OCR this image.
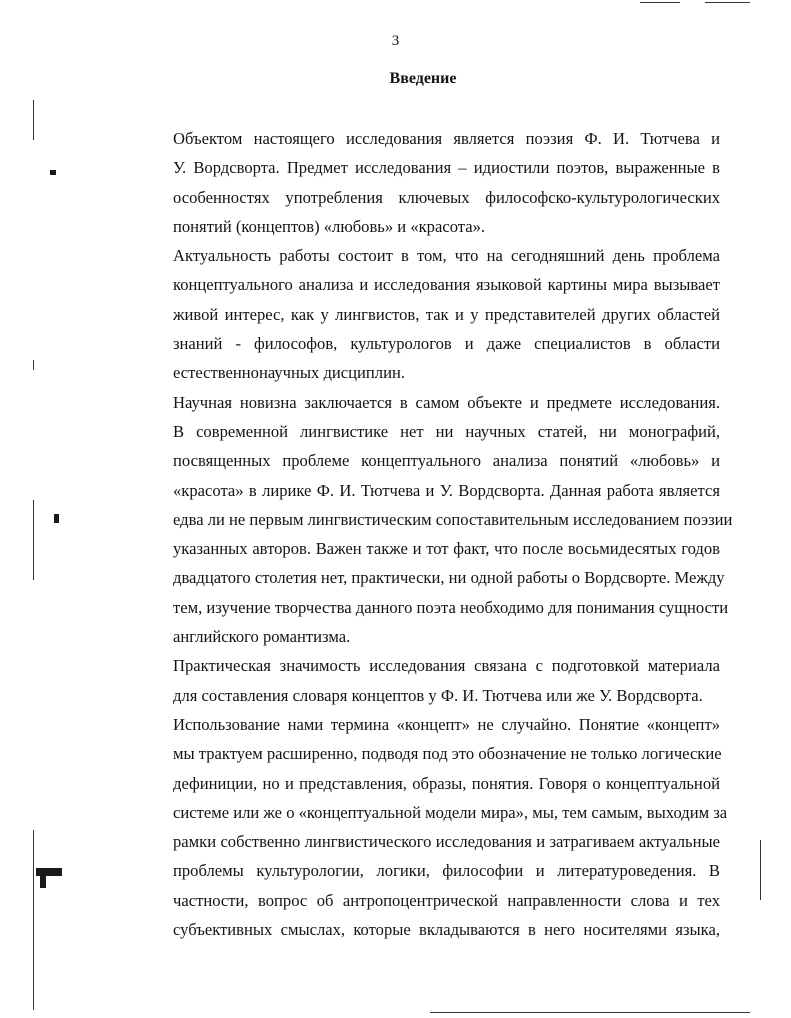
3
Введение

Объектом настоящего исследования является поэзия Ф. И. Тютчева и
У. Вордсворта. Предмет исследования – идиостили поэтов, выраженные в
особенностях употребления ключевых философско-культурологических
понятий (концептов) «любовь» и «красота».

Актуальность работы состоит в том, что на сегодняшний день проблема
концептуального анализа и исследования языковой картины мира вызывает
живой интерес, как у лингвистов, так и у представителей других областей
знаний - философов, культурологов и даже специалистов в области
естественнонаучных дисциплин.

Научная новизна заключается в самом объекте и предмете исследования.
В современной лингвистике нет ни научных статей, ни монографий,
посвященных проблеме концептуального анализа понятий «любовь» и
«красота» в лирике Ф. И. Тютчева и У. Вордсворта. Данная работа является
едва ли не первым лингвистическим сопоставительным исследованием поэзии
указанных авторов. Важен также и тот факт, что после восьмидесятых годов
двадцатого столетия нет, практически, ни одной работы о Вордсворте. Между
тем, изучение творчества данного поэта необходимо для понимания сущности
английского романтизма.

Практическая значимость исследования связана с подготовкой материала
для составления словаря концептов у Ф. И. Тютчева или же У. Вордсворта.

Использование нами термина «концепт» не случайно. Понятие «концепт»
мы трактуем расширенно, подводя под это обозначение не только логические
дефиниции, но и представления, образы, понятия. Говоря о концептуальной
системе или же о «концептуальной модели мира», мы, тем самым, выходим за
рамки собственно лингвистического исследования и затрагиваем актуальные
проблемы культурологии, логики, философии и литературоведения. В
частности, вопрос об антропоцентрической направленности слова и тех
субъективных смыслах, которые вкладываются в него носителями языка,
